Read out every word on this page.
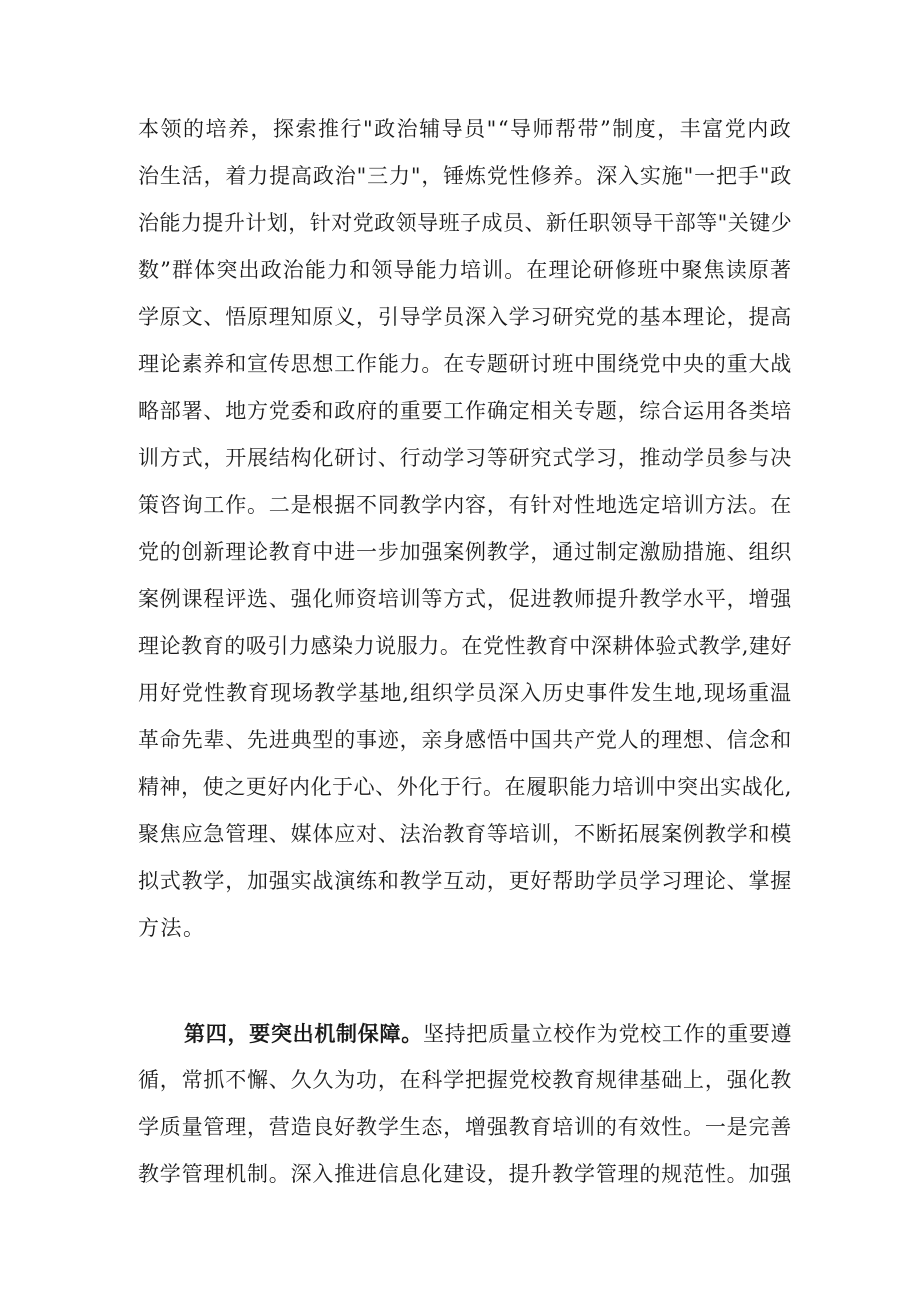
本领的培养，探索推行"政治辅导员"“导师帮带”制度，丰富党内政
治生活，着力提高政治"三力"，锤炼党性修养。深入实施"一把手"政
治能力提升计划，针对党政领导班子成员、新任职领导干部等"关键少
数”群体突出政治能力和领导能力培训。在理论研修班中聚焦读原著
学原文、悟原理知原义，引导学员深入学习研究党的基本理论，提高
理论素养和宣传思想工作能力。在专题研讨班中围绕党中央的重大战
略部署、地方党委和政府的重要工作确定相关专题，综合运用各类培
训方式，开展结构化研讨、行动学习等研究式学习，推动学员参与决
策咨询工作。二是根据不同教学内容，有针对性地选定培训方法。在
党的创新理论教育中进一步加强案例教学，通过制定激励措施、组织
案例课程评选、强化师资培训等方式，促进教师提升教学水平，增强
理论教育的吸引力感染力说服力。在党性教育中深耕体验式教学,建好
用好党性教育现场教学基地,组织学员深入历史事件发生地,现场重温
革命先辈、先进典型的事迹，亲身感悟中国共产党人的理想、信念和
精神，使之更好内化于心、外化于行。在履职能力培训中突出实战化,
聚焦应急管理、媒体应对、法治教育等培训，不断拓展案例教学和模
拟式教学，加强实战演练和教学互动，更好帮助学员学习理论、掌握
方法。
第四，要突出机制保障。坚持把质量立校作为党校工作的重要遵
循，常抓不懈、久久为功，在科学把握党校教育规律基础上，强化教
学质量管理，营造良好教学生态，增强教育培训的有效性。一是完善
教学管理机制。深入推进信息化建设，提升教学管理的规范性。加强
